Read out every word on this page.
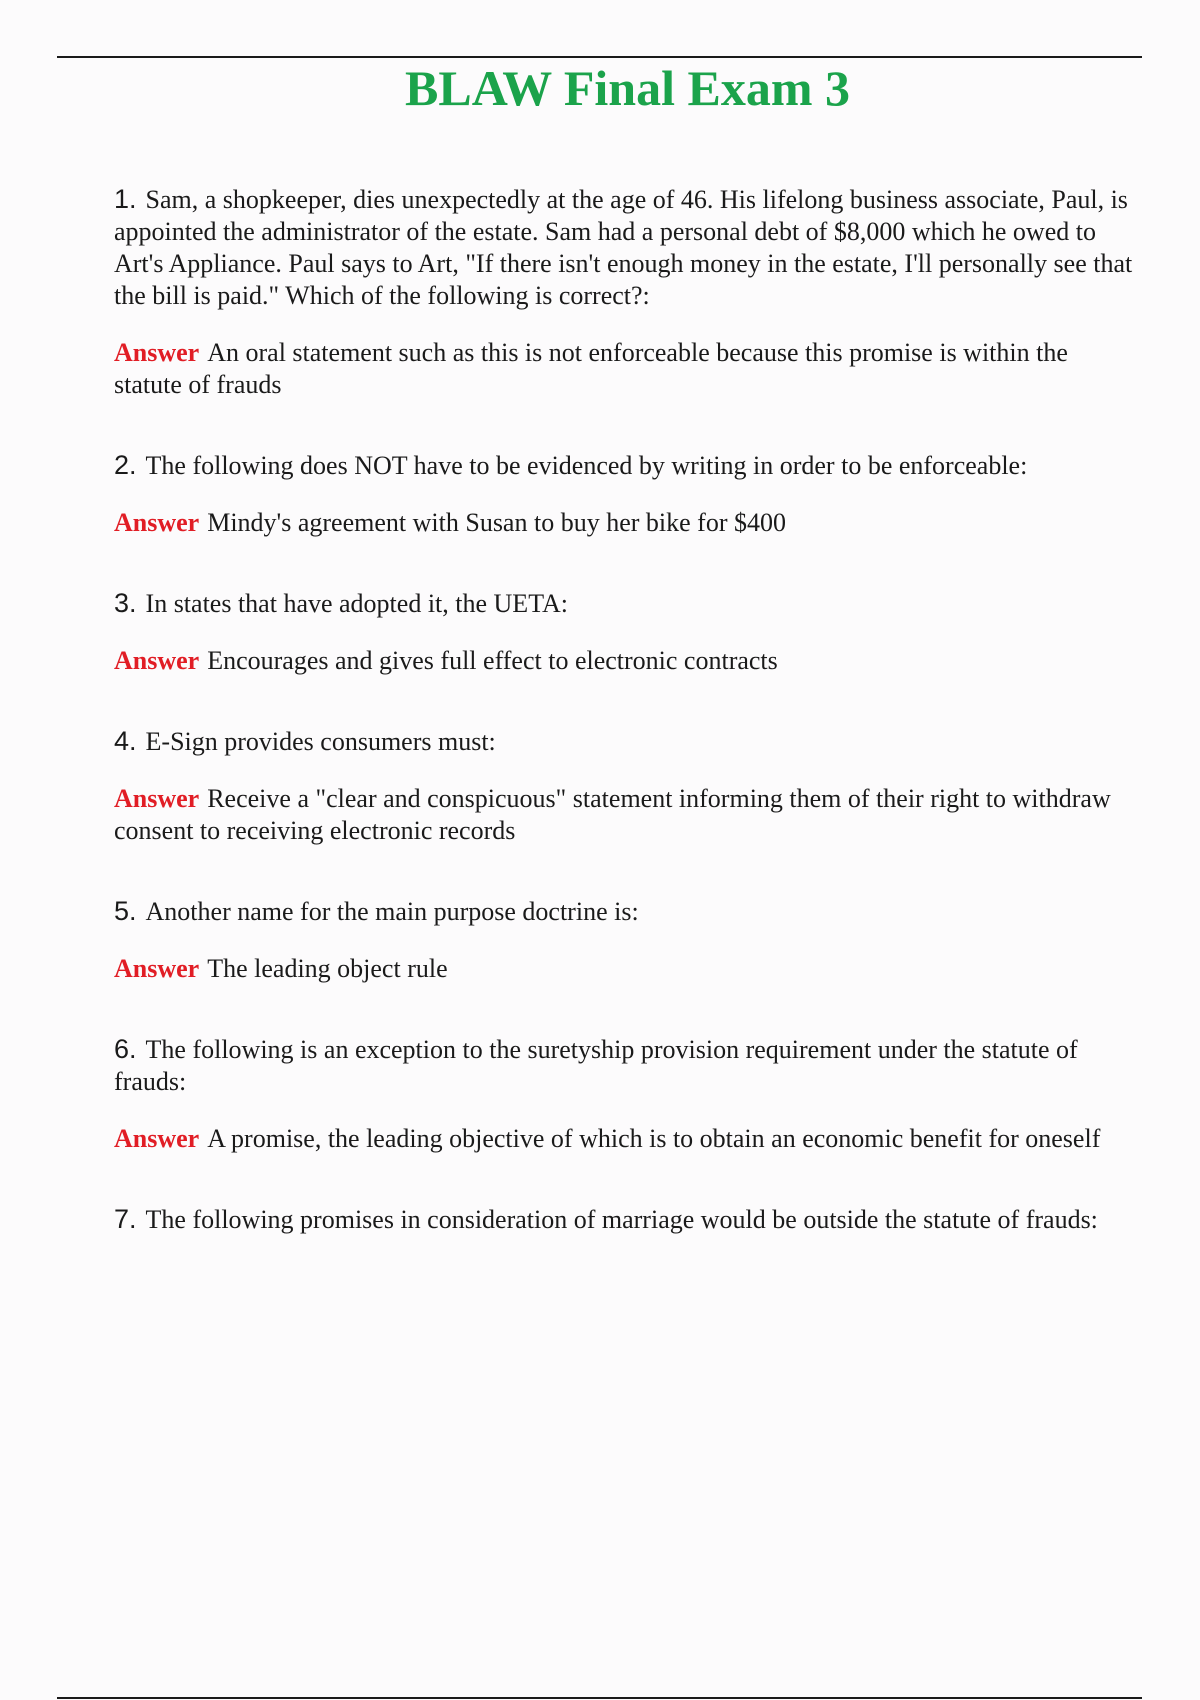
BLAW Final Exam 3

1. Sam, a shopkeeper, dies unexpectedly at the age of 46. His lifelong business associate, Paul, is appointed the administrator of the estate. Sam had a personal debt of $8,000 which he owed to Art's Appliance. Paul says to Art, "If there isn't enough money in the estate, I'll personally see that the bill is paid." Which of the following is correct?:

Answer An oral statement such as this is not enforceable because this promise is within the statute of frauds

2. The following does NOT have to be evidenced by writing in order to be enforceable:

Answer Mindy's agreement with Susan to buy her bike for $400

3. In states that have adopted it, the UETA:

Answer Encourages and gives full effect to electronic contracts

4. E-Sign provides consumers must:

Answer Receive a "clear and conspicuous" statement informing them of their right to withdraw consent to receiving electronic records

5. Another name for the main purpose doctrine is:

Answer The leading object rule

6. The following is an exception to the suretyship provision requirement under the statute of frauds:

Answer A promise, the leading objective of which is to obtain an economic benefit for oneself

7. The following promises in consideration of marriage would be outside the statute of frauds:
